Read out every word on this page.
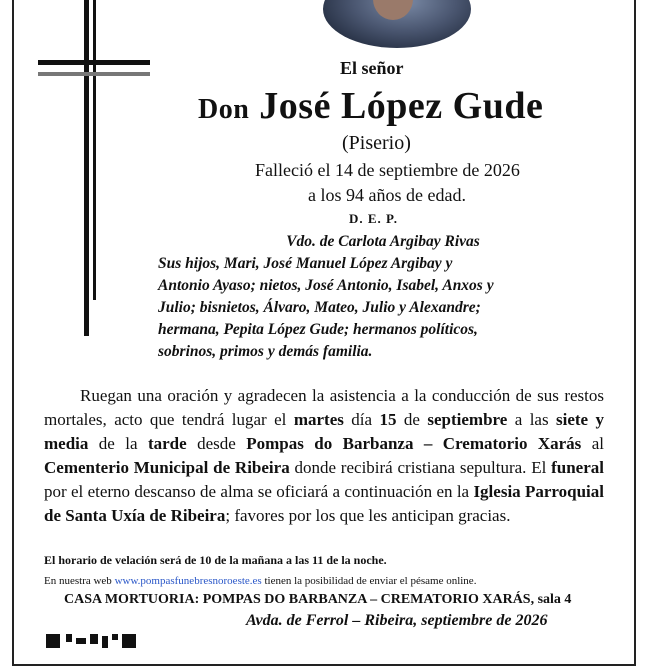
El señor
Don José López Gude
(Piserio)
Falleció el 14 de septiembre de 2026
a los 94 años de edad.
D. E. P.
Vdo. de Carlota Argibay Rivas
Sus hijos, Mari, José Manuel López Argibay y
Antonio Ayaso; nietos, José Antonio, Isabel, Anxos y
Julio; bisnietos, Álvaro, Mateo, Julio y Alexandre;
hermana, Pepita López Gude; hermanos políticos,
sobrinos, primos y demás familia.
Ruegan una oración y agradecen la asistencia a la conducción de sus restos mortales, acto que tendrá lugar el martes día 15 de septiembre a las siete y media de la tarde desde Pompas do Barbanza – Crematorio Xarás al Cementerio Municipal de Ribeira donde recibirá cristiana sepultura. El funeral por el eterno descanso de alma se oficiará a continuación en la Iglesia Parroquial de Santa Uxía de Ribeira; favores por los que les anticipan gracias.
El horario de velación será de 10 de la mañana a las 11 de la noche.
En nuestra web www.pompasfunebresnoroeste.es tienen la posibilidad de enviar el pésame online.
CASA MORTUORIA: POMPAS DO BARBANZA – CREMATORIO XARÁS, sala 4
Avda. de Ferrol – Ribeira, septiembre de 2026
